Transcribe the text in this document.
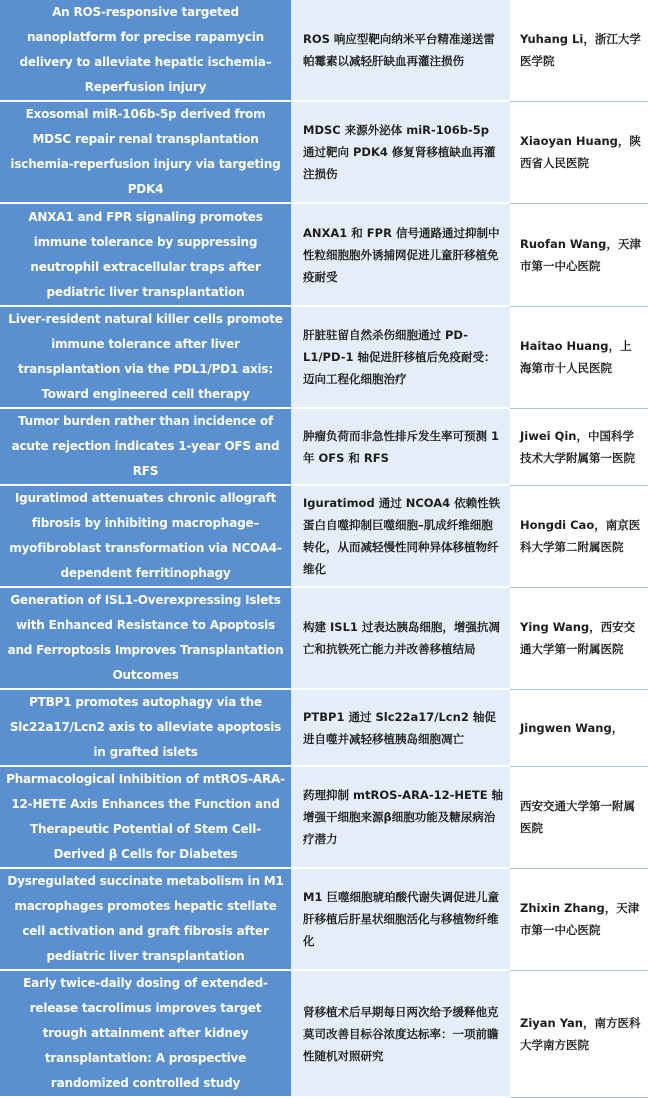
An ROS-responsive targeted nanoplatform for precise rapamycin delivery to alleviate hepatic ischemia–Reperfusion injury	ROS 响应型靶向纳米平台精准递送雷帕霉素以减轻肝缺血再灌注损伤	Yuhang Li，浙江大学医学院
Exosomal miR-106b-5p derived from MDSC repair renal transplantation ischemia-reperfusion injury via targeting PDK4	MDSC 来源外泌体 miR-106b-5p 通过靶向 PDK4 修复肾移植缺血再灌注损伤	Xiaoyan Huang，陕西省人民医院
ANXA1 and FPR signaling promotes immune tolerance by suppressing neutrophil extracellular traps after pediatric liver transplantation	ANXA1 和 FPR 信号通路通过抑制中性粒细胞胞外诱捕网促进儿童肝移植免疫耐受	Ruofan Wang，天津市第一中心医院
Liver-resident natural killer cells promote immune tolerance after liver transplantation via the PDL1/PD1 axis: Toward engineered cell therapy	肝脏驻留自然杀伤细胞通过 PD-L1/PD-1 轴促进肝移植后免疫耐受：迈向工程化细胞治疗	Haitao Huang，上海第市十人民医院
Tumor burden rather than incidence of acute rejection indicates 1-year OFS and RFS	肿瘤负荷而非急性排斥发生率可预测 1 年 OFS 和 RFS	Jiwei Qin，中国科学技术大学附属第一医院
Iguratimod attenuates chronic allograft fibrosis by inhibiting macrophage–myofibroblast transformation via NCOA4-dependent ferritinophagy	Iguratimod 通过 NCOA4 依赖性铁蛋白自噬抑制巨噬细胞–肌成纤维细胞转化，从而减轻慢性同种异体移植物纤维化	Hongdi Cao，南京医科大学第二附属医院
Generation of ISL1-Overexpressing Islets with Enhanced Resistance to Apoptosis and Ferroptosis Improves Transplantation Outcomes	构建 ISL1 过表达胰岛细胞，增强抗凋亡和抗铁死亡能力并改善移植结局	Ying Wang，西安交通大学第一附属医院
PTBP1 promotes autophagy via the Slc22a17/Lcn2 axis to alleviate apoptosis in grafted islets	PTBP1 通过 Slc22a17/Lcn2 轴促进自噬并减轻移植胰岛细胞凋亡	Jingwen Wang，
Pharmacological Inhibition of mtROS-ARA-12-HETE Axis Enhances the Function and Therapeutic Potential of Stem Cell-Derived β Cells for Diabetes	药理抑制 mtROS-ARA-12-HETE 轴增强干细胞来源β细胞功能及糖尿病治疗潜力	西安交通大学第一附属医院
Dysregulated succinate metabolism in M1 macrophages promotes hepatic stellate cell activation and graft fibrosis after pediatric liver transplantation	M1 巨噬细胞琥珀酸代谢失调促进儿童肝移植后肝星状细胞活化与移植物纤维化	Zhixin Zhang，天津市第一中心医院
Early twice-daily dosing of extended-release tacrolimus improves target trough attainment after kidney transplantation: A prospective randomized controlled study	肾移植术后早期每日两次给予缓释他克莫司改善目标谷浓度达标率：一项前瞻性随机对照研究	Ziyan Yan，南方医科大学南方医院
